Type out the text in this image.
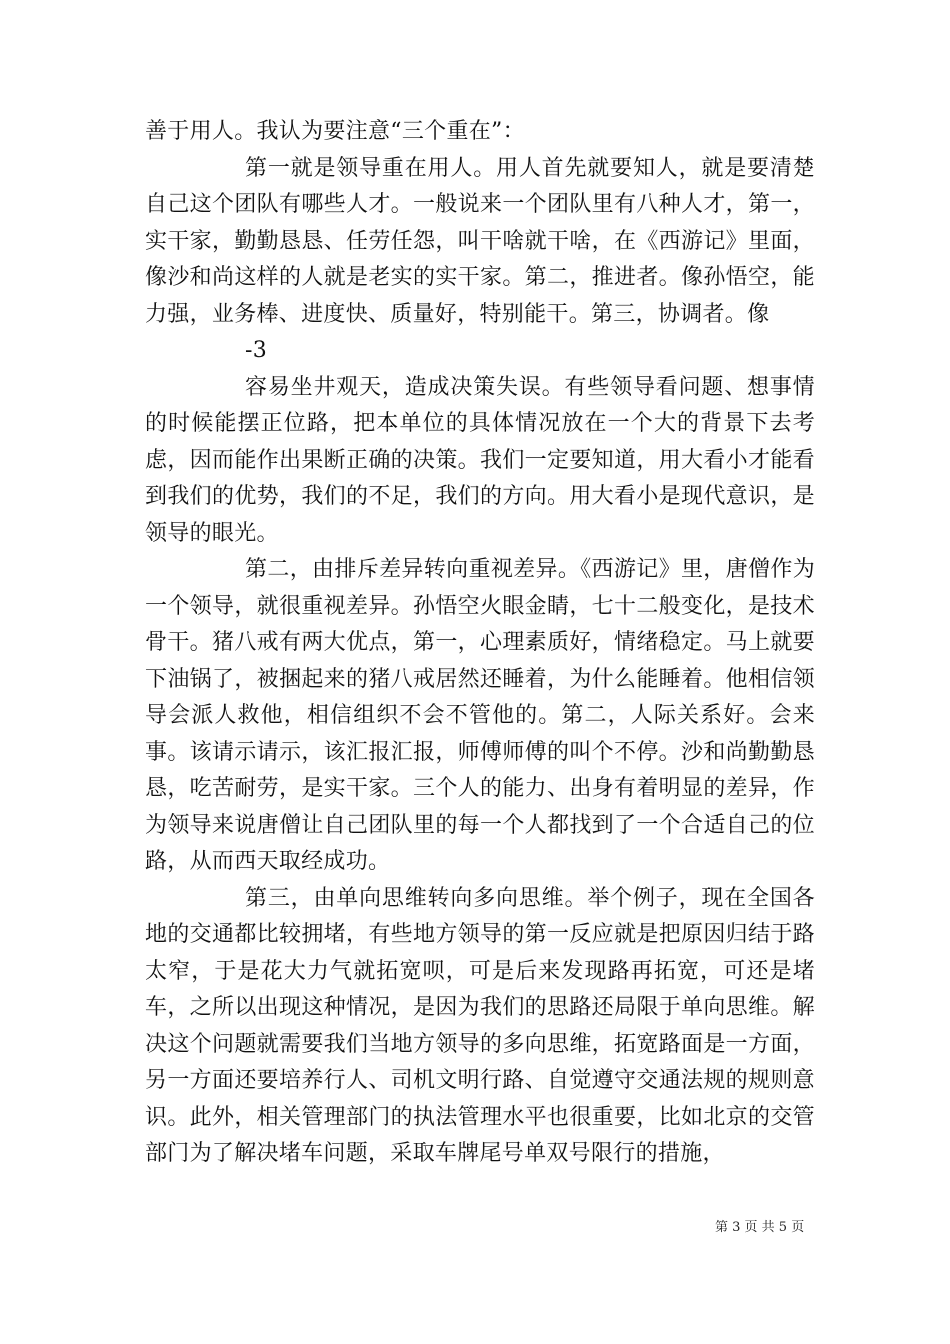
善于用人。我认为要注意“三个重在”：

第一就是领导重在用人。用人首先就要知人，就是要清楚自己这个团队有哪些人才。一般说来一个团队里有八种人才，第一，实干家，勤勤恳恳、任劳任怨，叫干啥就干啥，在《西游记》里面，像沙和尚这样的人就是老实的实干家。第二，推进者。像孙悟空，能力强，业务棒、进度快、质量好，特别能干。第三，协调者。像

-3

容易坐井观天，造成决策失误。有些领导看问题、想事情的时候能摆正位路，把本单位的具体情况放在一个大的背景下去考虑，因而能作出果断正确的决策。我们一定要知道，用大看小才能看到我们的优势，我们的不足，我们的方向。用大看小是现代意识，是领导的眼光。

第二，由排斥差异转向重视差异。《西游记》里，唐僧作为一个领导，就很重视差异。孙悟空火眼金睛，七十二般变化，是技术骨干。猪八戒有两大优点，第一，心理素质好，情绪稳定。马上就要下油锅了，被捆起来的猪八戒居然还睡着，为什么能睡着。他相信领导会派人救他，相信组织不会不管他的。第二，人际关系好。会来事。该请示请示，该汇报汇报，师傅师傅的叫个不停。沙和尚勤勤恳恳，吃苦耐劳，是实干家。三个人的能力、出身有着明显的差异，作为领导来说唐僧让自己团队里的每一个人都找到了一个合适自己的位路，从而西天取经成功。

第三，由单向思维转向多向思维。举个例子，现在全国各地的交通都比较拥堵，有些地方领导的第一反应就是把原因归结于路太窄，于是花大力气就拓宽呗，可是后来发现路再拓宽，可还是堵车，之所以出现这种情况，是因为我们的思路还局限于单向思维。解决这个问题就需要我们当地方领导的多向思维，拓宽路面是一方面，另一方面还要培养行人、司机文明行路、自觉遵守交通法规的规则意识。此外，相关管理部门的执法管理水平也很重要，比如北京的交管部门为了解决堵车问题，采取车牌尾号单双号限行的措施，

第 3 页 共 5 页
